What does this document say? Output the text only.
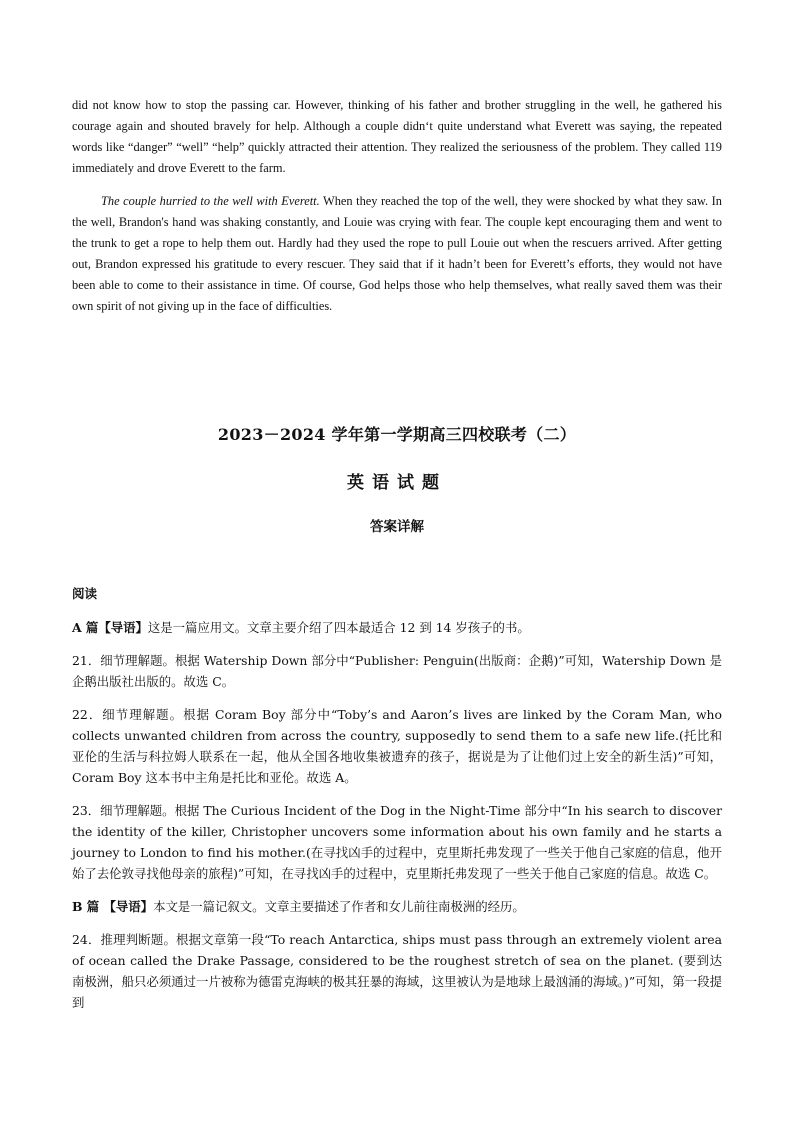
did not know how to stop the passing car. However, thinking of his father and brother struggling in the well, he gathered his courage again and shouted bravely for help. Although a couple didn‘t quite understand what Everett was saying, the repeated words like “danger” “well” “help” quickly attracted their attention. They realized the seriousness of the problem. They called 119 immediately and drove Everett to the farm.

The couple hurried to the well with Everett. When they reached the top of the well, they were shocked by what they saw. In the well, Brandon's hand was shaking constantly, and Louie was crying with fear. The couple kept encouraging them and went to the trunk to get a rope to help them out. Hardly had they used the rope to pull Louie out when the rescuers arrived. After getting out, Brandon expressed his gratitude to every rescuer. They said that if it hadn’t been for Everett’s efforts, they would not have been able to come to their assistance in time. Of course, God helps those who help themselves, what really saved them was their own spirit of not giving up in the face of difficulties.

2023－2024 学年第一学期高三四校联考（二）
英语试题
答案详解
阅读

A 篇【导语】这是一篇应用文。文章主要介绍了四本最适合 12 到 14 岁孩子的书。

21．细节理解题。根据 Watership Down 部分中“Publisher: Penguin(出版商：企鹅)”可知，Watership Down 是企鹅出版社出版的。故选 C。

22．细节理解题。根据 Coram Boy 部分中“Toby’s and Aaron’s lives are linked by the Coram Man, who collects unwanted children from across the country, supposedly to send them to a safe new life.(托比和亚伦的生活与科拉姆人联系在一起，他从全国各地收集被遗弃的孩子，据说是为了让他们过上安全的新生活)”可知，Coram Boy 这本书中主角是托比和亚伦。故选 A。

23．细节理解题。根据 The Curious Incident of the Dog in the Night-Time 部分中“In his search to discover the identity of the killer, Christopher uncovers some information about his own family and he starts a journey to London to find his mother.(在寻找凶手的过程中，克里斯托弗发现了一些关于他自己家庭的信息，他开始了去伦敦寻找他母亲的旅程)”可知，在寻找凶手的过程中，克里斯托弗发现了一些关于他自己家庭的信息。故选 C。

B 篇 【导语】本文是一篇记叙文。文章主要描述了作者和女儿前往南极洲的经历。

24．推理判断题。根据文章第一段“To reach Antarctica, ships must pass through an extremely violent area of ocean called the Drake Passage, considered to be the roughest stretch of sea on the planet. (要到达南极洲，船只必须通过一片被称为德雷克海峡的极其狂暴的海域，这里被认为是地球上最汹涌的海域。)”可知，第一段提到
